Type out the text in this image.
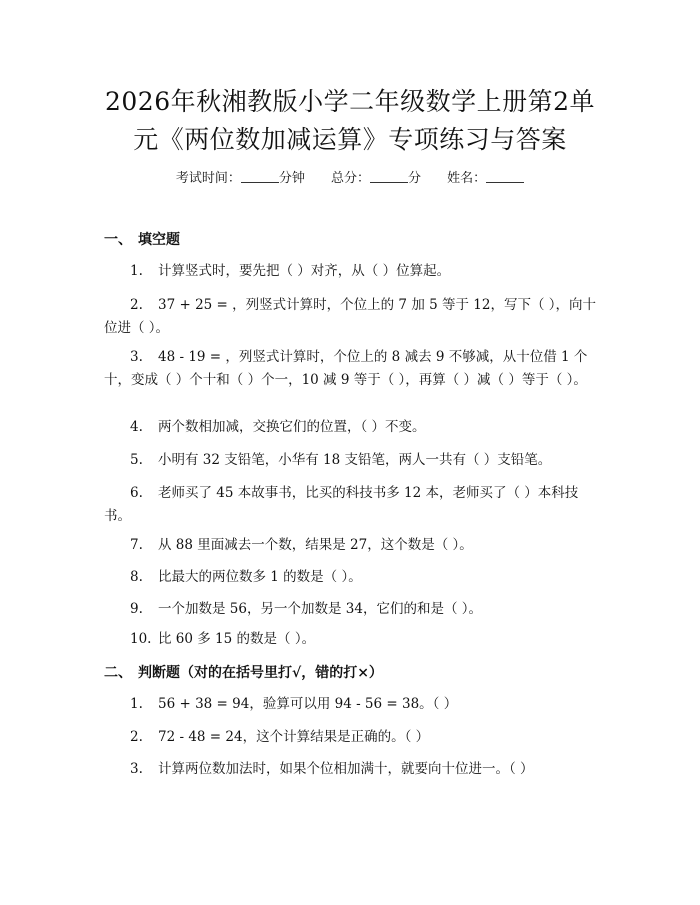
2026年秋湘教版小学二年级数学上册第2单
元《两位数加减运算》专项练习与答案
考试时间：	分钟 总分：	分 姓名：
一、 填空题
1. 计算竖式时，要先把（ ）对齐，从（ ）位算起。
2. 37 + 25 = ，列竖式计算时，个位上的 7 加 5 等于 12，写下（ ），向十位进（ ）。
3. 48 - 19 = ，列竖式计算时，个位上的 8 减去 9 不够减，从十位借 1 个十，变成（ ）个十和（ ）个一，10 减 9 等于（ ），再算（ ）减（ ）等于（ ）。
4. 两个数相加减，交换它们的位置，（ ）不变。
5. 小明有 32 支铅笔，小华有 18 支铅笔，两人一共有（ ）支铅笔。
6. 老师买了 45 本故事书，比买的科技书多 12 本，老师买了（ ）本科技书。
7. 从 88 里面减去一个数，结果是 27，这个数是（ ）。
8. 比最大的两位数多 1 的数是（ ）。
9. 一个加数是 56，另一个加数是 34，它们的和是（ ）。
10. 比 60 多 15 的数是（ ）。
二、 判断题（对的在括号里打√，错的打×）
1. 56 + 38 = 94，验算可以用 94 - 56 = 38。（ ）
2. 72 - 48 = 24，这个计算结果是正确的。（ ）
3. 计算两位数加法时，如果个位相加满十，就要向十位进一。（ ）
